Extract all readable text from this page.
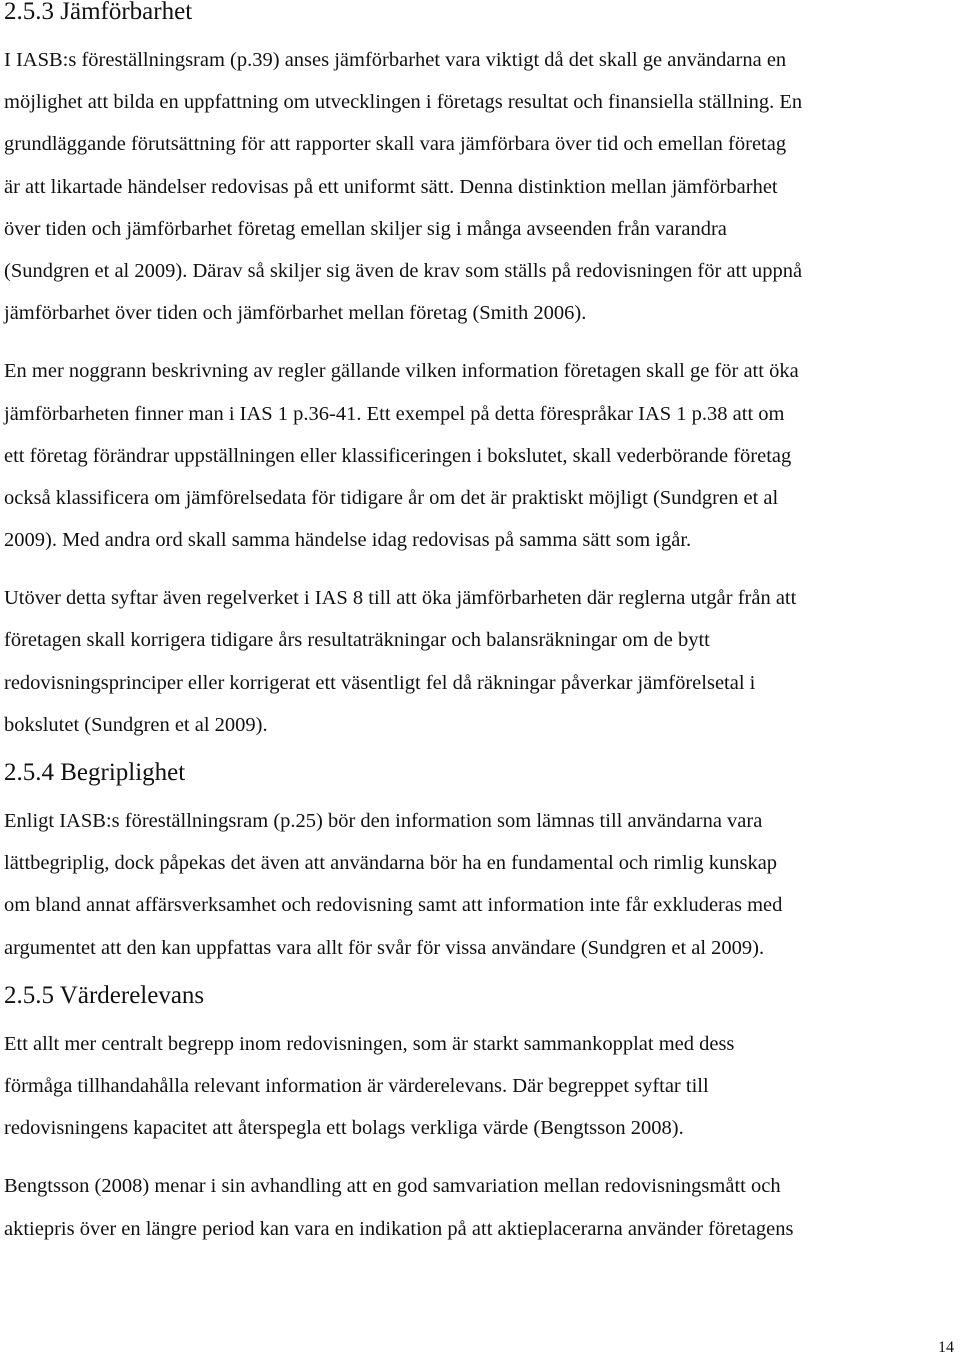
2.5.3 Jämförbarhet
I IASB:s föreställningsram (p.39) anses jämförbarhet vara viktigt då det skall ge användarna en
möjlighet att bilda en uppfattning om utvecklingen i företags resultat och finansiella ställning. En
grundläggande förutsättning för att rapporter skall vara jämförbara över tid och emellan företag
är att likartade händelser redovisas på ett uniformt sätt. Denna distinktion mellan jämförbarhet
över tiden och jämförbarhet företag emellan skiljer sig i många avseenden från varandra
(Sundgren et al 2009). Därav så skiljer sig även de krav som ställs på redovisningen för att uppnå
jämförbarhet över tiden och jämförbarhet mellan företag (Smith 2006).
En mer noggrann beskrivning av regler gällande vilken information företagen skall ge för att öka
jämförbarheten finner man i IAS 1 p.36-41. Ett exempel på detta förespråkar IAS 1 p.38 att om
ett företag förändrar uppställningen eller klassificeringen i bokslutet, skall vederbörande företag
också klassificera om jämförelsedata för tidigare år om det är praktiskt möjligt (Sundgren et al
2009). Med andra ord skall samma händelse idag redovisas på samma sätt som igår.
Utöver detta syftar även regelverket i IAS 8 till att öka jämförbarheten där reglerna utgår från att
företagen skall korrigera tidigare års resultaträkningar och balansräkningar om de bytt
redovisningsprinciper eller korrigerat ett väsentligt fel då räkningar påverkar jämförelsetal i
bokslutet (Sundgren et al 2009).
2.5.4 Begriplighet
Enligt IASB:s föreställningsram (p.25) bör den information som lämnas till användarna vara
lättbegriplig, dock påpekas det även att användarna bör ha en fundamental och rimlig kunskap
om bland annat affärsverksamhet och redovisning samt att information inte får exkluderas med
argumentet att den kan uppfattas vara allt för svår för vissa användare (Sundgren et al 2009).
2.5.5 Värderelevans
Ett allt mer centralt begrepp inom redovisningen, som är starkt sammankopplat med dess
förmåga tillhandahålla relevant information är värderelevans. Där begreppet syftar till
redovisningens kapacitet att återspegla ett bolags verkliga värde (Bengtsson 2008).
Bengtsson (2008) menar i sin avhandling att en god samvariation mellan redovisningsmått och
aktiepris över en längre period kan vara en indikation på att aktieplacerarna använder företagens
14
